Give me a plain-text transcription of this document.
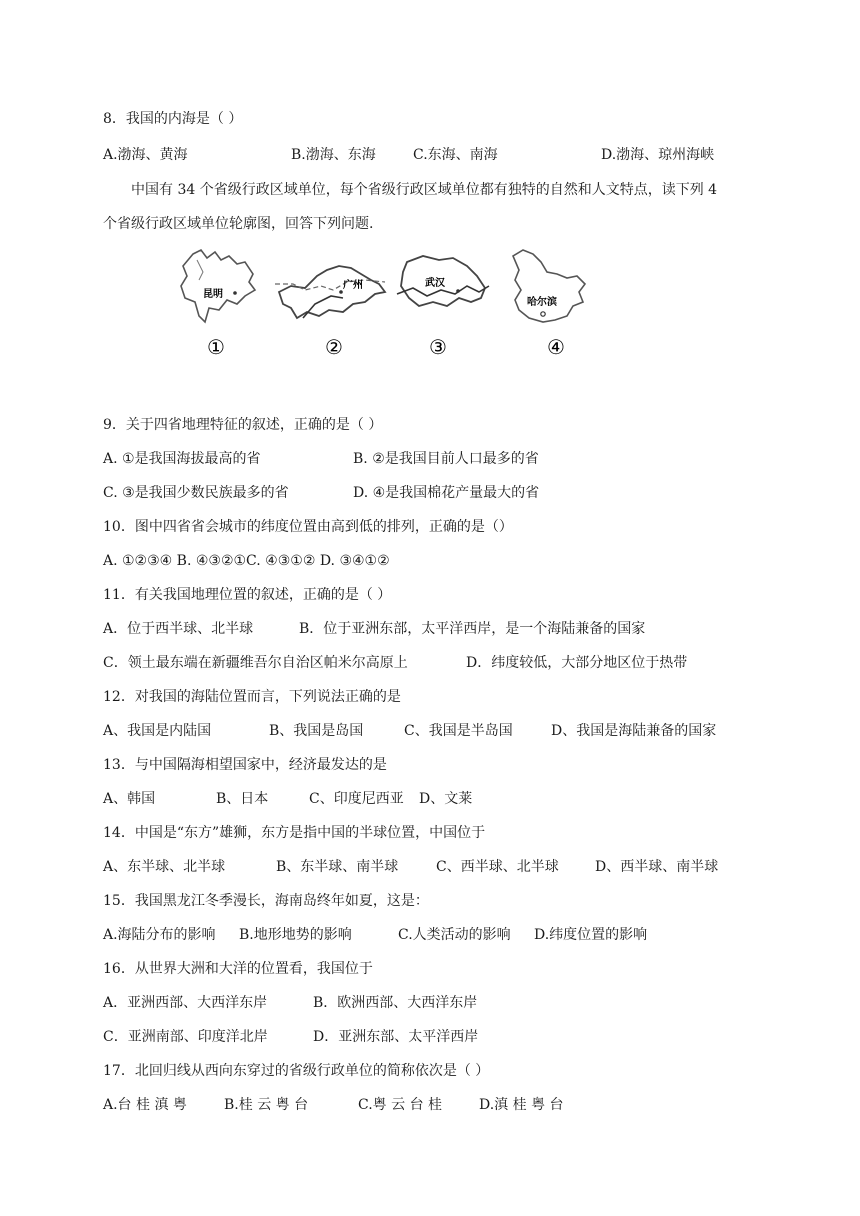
8．我国的内海是（ ）
A.渤海、黄海	B.渤海、东海	C.东海、南海	D.渤海、琼州海峡
中国有 34 个省级行政区域单位，每个省级行政区域单位都有独特的自然和人文特点，读下列 4
个省级行政区域单位轮廓图，回答下列问题.
昆明
①
广州
②
武汉
③
哈尔滨
④
9．关于四省地理特征的叙述，正确的是（ ）
A. ①是我国海拔最高的省	B. ②是我国目前人口最多的省
C. ③是我国少数民族最多的省	D. ④是我国棉花产量最大的省
10．图中四省省会城市的纬度位置由高到低的排列，正确的是（）
A. ①②③④ B. ④③②①C. ④③①② D. ③④①②
11．有关我国地理位置的叙述，正确的是（ ）
A．位于西半球、北半球	B．位于亚洲东部，太平洋西岸，是一个海陆兼备的国家
C．领土最东端在新疆维吾尔自治区帕米尔高原上	D．纬度较低，大部分地区位于热带
12．对我国的海陆位置而言，下列说法正确的是
A、我国是内陆国	B、我国是岛国	C、我国是半岛国	D、我国是海陆兼备的国家
13．与中国隔海相望国家中，经济最发达的是
A、韩国	B、日本	C、印度尼西亚 D、文莱
14．中国是“东方”雄狮，东方是指中国的半球位置，中国位于
A、东半球、北半球	B、东半球、南半球	C、西半球、北半球	D、西半球、南半球
15．我国黑龙江冬季漫长，海南岛终年如夏，这是：
A.海陆分布的影响 B.地形地势的影响	C.人类活动的影响 D.纬度位置的影响
16．从世界大洲和大洋的位置看，我国位于
A．亚洲西部、大西洋东岸	B．欧洲西部、大西洋东岸
C．亚洲南部、印度洋北岸	D．亚洲东部、太平洋西岸
17．北回归线从西向东穿过的省级行政单位的简称依次是（ ）
A.台 桂 滇 粤	B.桂 云 粤 台	C.粤 云 台 桂	D.滇 桂 粤 台
